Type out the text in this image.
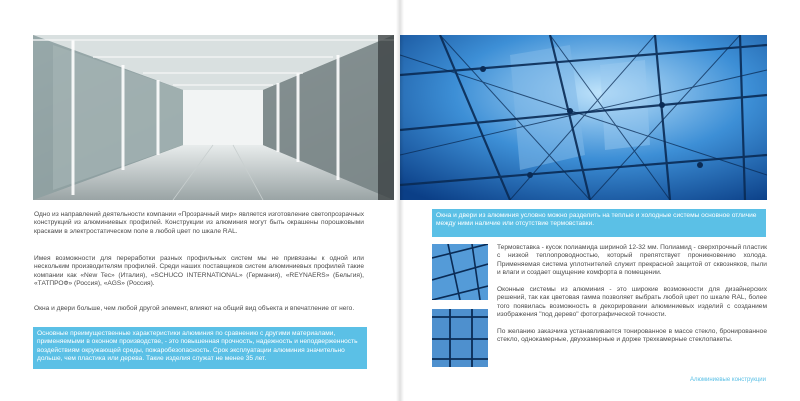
Одно из направлений деятельности компании «Прозрачный мир» является изготовление светопрозрачных конструкций из алюминиевых профилей. Конструкции из алюминия могут быть окрашены порошковыми красками в электростатическом поле в любой цвет по шкале RAL.

Имея возможности для переработки разных профильных систем мы не привязаны к одной или нескольким производителям профилей. Среди наших поставщиков систем алюминиевых профилей такие компании как «New Tec» (Италия), «SCHUCO INTERNATIONAL» (Германия), «REYNAERS» (Бельгия), «ТАТПРОФ» (Россия), «AGS» (Россия).

Окна и двери больше, чем любой другой элемент, влияют на общий вид объекта и впечатление от него.

Основные преимущественные характеристики алюминия по сравнению с другими материалами, применяемыми в оконном производстве, - это повышенная прочность, надежность и неподверженность воздействиям окружающей среды, пожаробезопасность. Срок эксплуатации алюминия значительно дольше, чем пластика или дерева. Такие изделия служат не менее 35 лет.

Окна и двери из алюминия условно можно разделить на теплые и холодные системы основное отличие между ними наличие или отсутствие термовставки.

Термовставка - кусок полиамида шириной 12-32 мм. Полиамид - сверхпрочный пластик с низкой теплопроводностью, который препятствует проникновению холода. Применяемая система уплотнителей служит прекрасной защитой от сквозняков, пыли и влаги и создает ощущение комфорта в помещении.

Оконные системы из алюминия - это широкие возможности для дизайнерских решений, так как цветовая гамма позволяет выбрать любой цвет по шкале RAL, более того появилась возможность в декорировании алюминиевых изделий с созданием изображения "под дерево" фотографической точности.

По желанию заказчика устанавливается тонированное в массе стекло, бронированное стекло, однокамерные, двухкамерные и дорже трехкамерные стеклопакеты.

Алюминиевые конструкции
